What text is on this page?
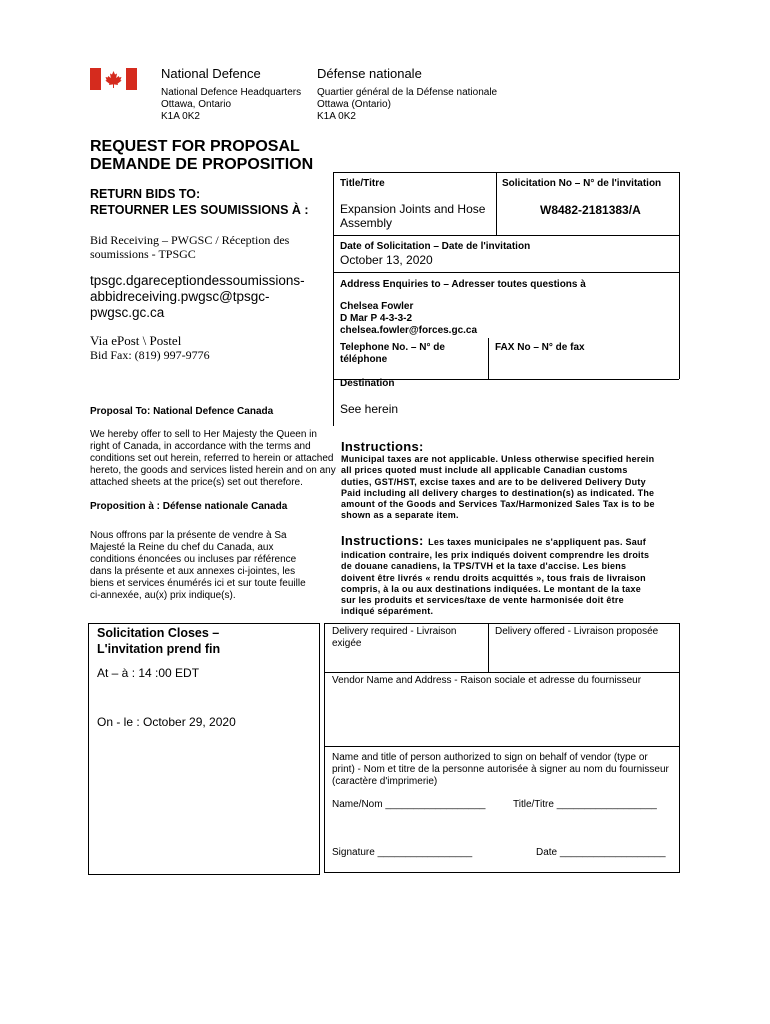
National Defence	Défense nationale
National Defence Headquarters
Ottawa, Ontario
K1A 0K2
Quartier général de la Défense nationale
Ottawa (Ontario)
K1A 0K2
REQUEST FOR PROPOSAL
DEMANDE DE PROPOSITION
RETURN BIDS TO:
RETOURNER LES SOUMISSIONS À :
Bid Receiving – PWGSC / Réception des
soumissions - TPSGC
tpsgc.dgareceptiondessoumissions-
abbidreceiving.pwgsc@tpsgc-
pwgsc.gc.ca
Via ePost \ Postel
Bid Fax: (819) 997-9776
Proposal To: National Defence Canada
We hereby offer to sell to Her Majesty the Queen in
right of Canada, in accordance with the terms and
conditions set out herein, referred to herein or attached
hereto, the goods and services listed herein and on any
attached sheets at the price(s) set out therefore.
Proposition à : Défense nationale Canada
Nous offrons par la présente de vendre à Sa
Majesté la Reine du chef du Canada, aux
conditions énoncées ou incluses par référence
dans la présente et aux annexes ci-jointes, les
biens et services énumérés ici et sur toute feuille
ci-annexée, au(x) prix indique(s).
Title/Titre	Solicitation No – N° de l'invitation
Expansion Joints and Hose
Assembly
W8482-2181383/A
Date of Solicitation – Date de l'invitation
October 13, 2020
Address Enquiries to – Adresser toutes questions à
Chelsea Fowler
D Mar P 4-3-3-2
chelsea.fowler@forces.gc.ca
Telephone No. – N° de
téléphone
FAX No – N° de fax
Destination
See herein
Instructions:
Municipal taxes are not applicable. Unless otherwise specified herein
all prices quoted must include all applicable Canadian customs
duties, GST/HST, excise taxes and are to be delivered Delivery Duty
Paid including all delivery charges to destination(s) as indicated. The
amount of the Goods and Services Tax/Harmonized Sales Tax is to be
shown as a separate item.
Instructions: Les taxes municipales ne s'appliquent pas. Sauf
indication contraire, les prix indiqués doivent comprendre les droits
de douane canadiens, la TPS/TVH et la taxe d'accise. Les biens
doivent être livrés « rendu droits acquittés », tous frais de livraison
compris, à la ou aux destinations indiquées. Le montant de la taxe
sur les produits et services/taxe de vente harmonisée doit être
indiqué séparément.
Solicitation Closes –
L'invitation prend fin
At – à : 14 :00 EDT
On - le : October 29, 2020
Delivery required - Livraison
exigée
Delivery offered - Livraison proposée
Vendor Name and Address - Raison sociale et adresse du fournisseur
Name and title of person authorized to sign on behalf of vendor (type or
print) - Nom et titre de la personne autorisée à signer au nom du fournisseur
(caractère d'imprimerie)
Name/Nom __________________	Title/Titre __________________
Signature _________________	Date ___________________
